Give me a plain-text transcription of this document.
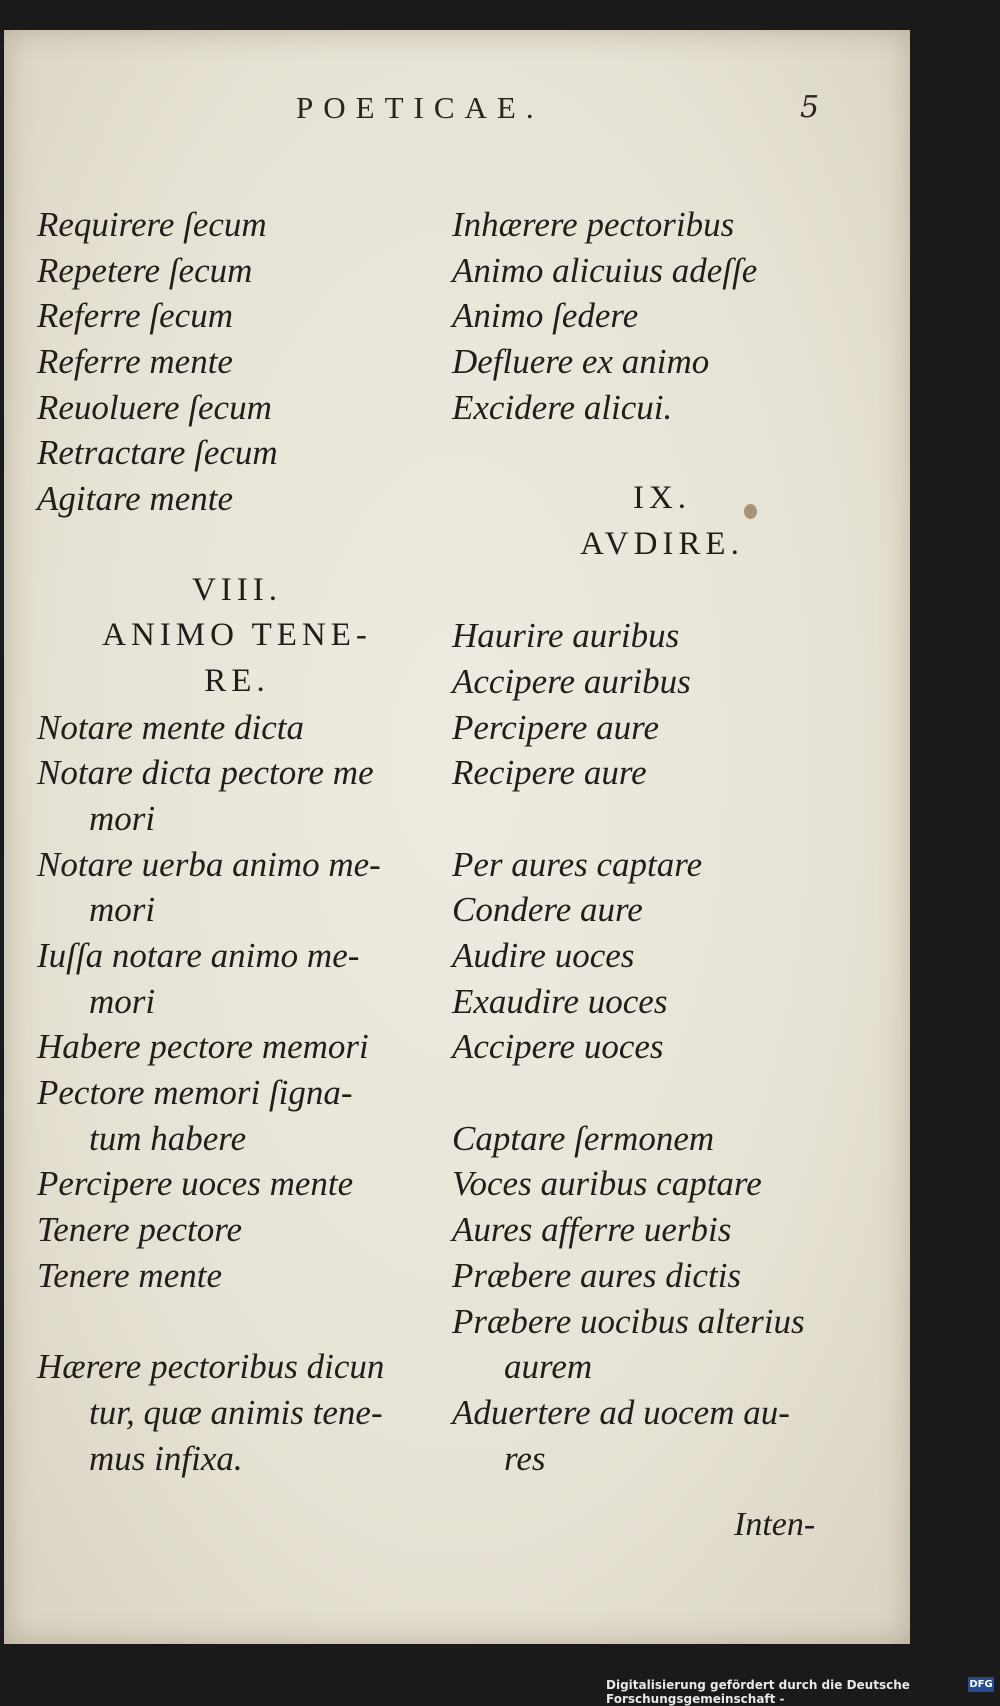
POETICAE.	5
Requirere ſecum
Repetere ſecum
Referre ſecum
Referre mente
Reuoluere ſecum
Retractare ſecum
Agitare mente
VIII.
ANIMO TENE-
RE.
Notare mente dicta
Notare dicta pectore me
mori
Notare uerba animo me-
mori
Iuſſa notare animo me-
mori
Habere pectore memori
Pectore memori ſigna-
tum habere
Percipere uoces mente
Tenere pectore
Tenere mente
Hærere pectoribus dicun
tur, quæ animis tene-
mus infixa.
Inhærere pectoribus
Animo alicuius adeſſe
Animo ſedere
Defluere ex animo
Excidere alicui.
IX.
AVDIRE.
Haurire auribus
Accipere auribus
Percipere aure
Recipere aure
Per aures captare
Condere aure
Audire uoces
Exaudire uoces
Accipere uoces
Captare ſermonem
Voces auribus captare
Aures afferre uerbis
Præbere aures dictis
Præbere uocibus alterius
aurem
Aduertere ad uocem au-
res
Inten-
Digitalisierung gefördert durch die Deutsche Forschungsgemeinschaft -
DFG
